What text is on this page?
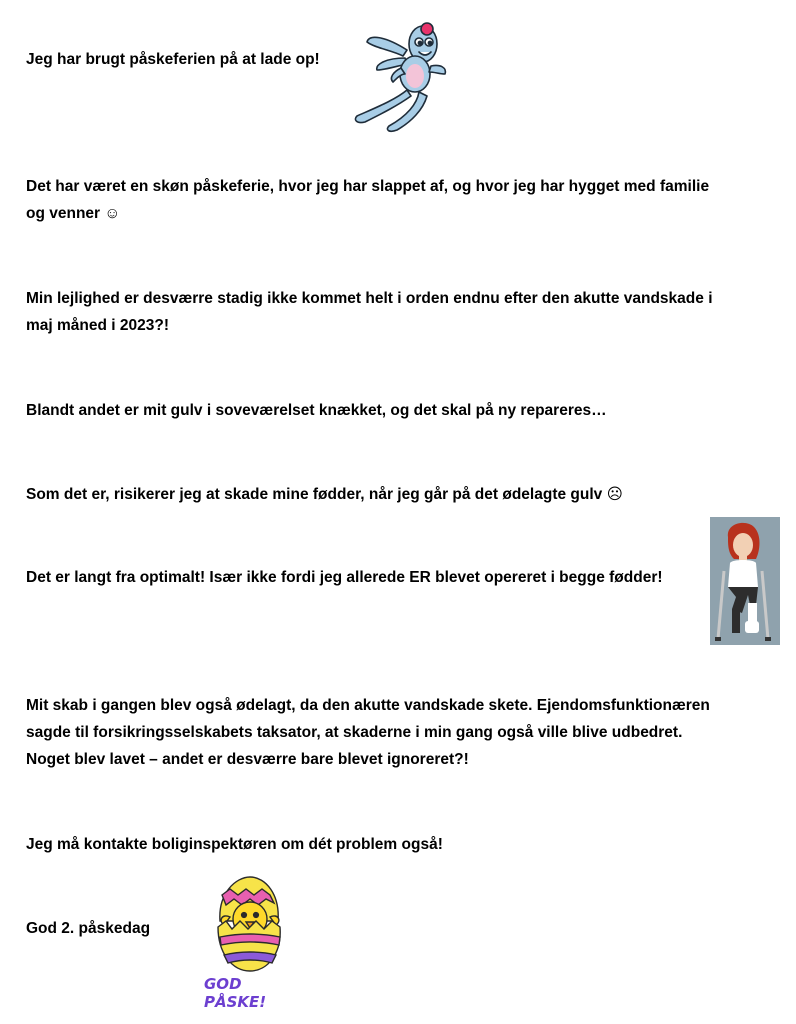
Jeg har brugt påskeferien på at lade op!

Det har været en skøn påskeferie, hvor jeg har slappet af, og hvor jeg har hygget med familie og venner ☺

Min lejlighed er desværre stadig ikke kommet helt i orden endnu efter den akutte vandskade i maj måned i 2023?!

Blandt andet er mit gulv i soveværelset knækket, og det skal på ny repareres…

Som det er, risikerer jeg at skade mine fødder, når jeg går på det ødelagte gulv ☹

Det er langt fra optimalt! Især ikke fordi jeg allerede ER blevet opereret i begge fødder!

Mit skab i gangen blev også ødelagt, da den akutte vandskade skete. Ejendomsfunktionæren sagde til forsikringsselskabets taksator, at skaderne i min gang også ville blive udbedret. Noget blev lavet – andet er desværre bare blevet ignoreret?!

Jeg må kontakte boliginspektøren om dét problem også!

God 2. påskedag

GOD PÅSKE!
